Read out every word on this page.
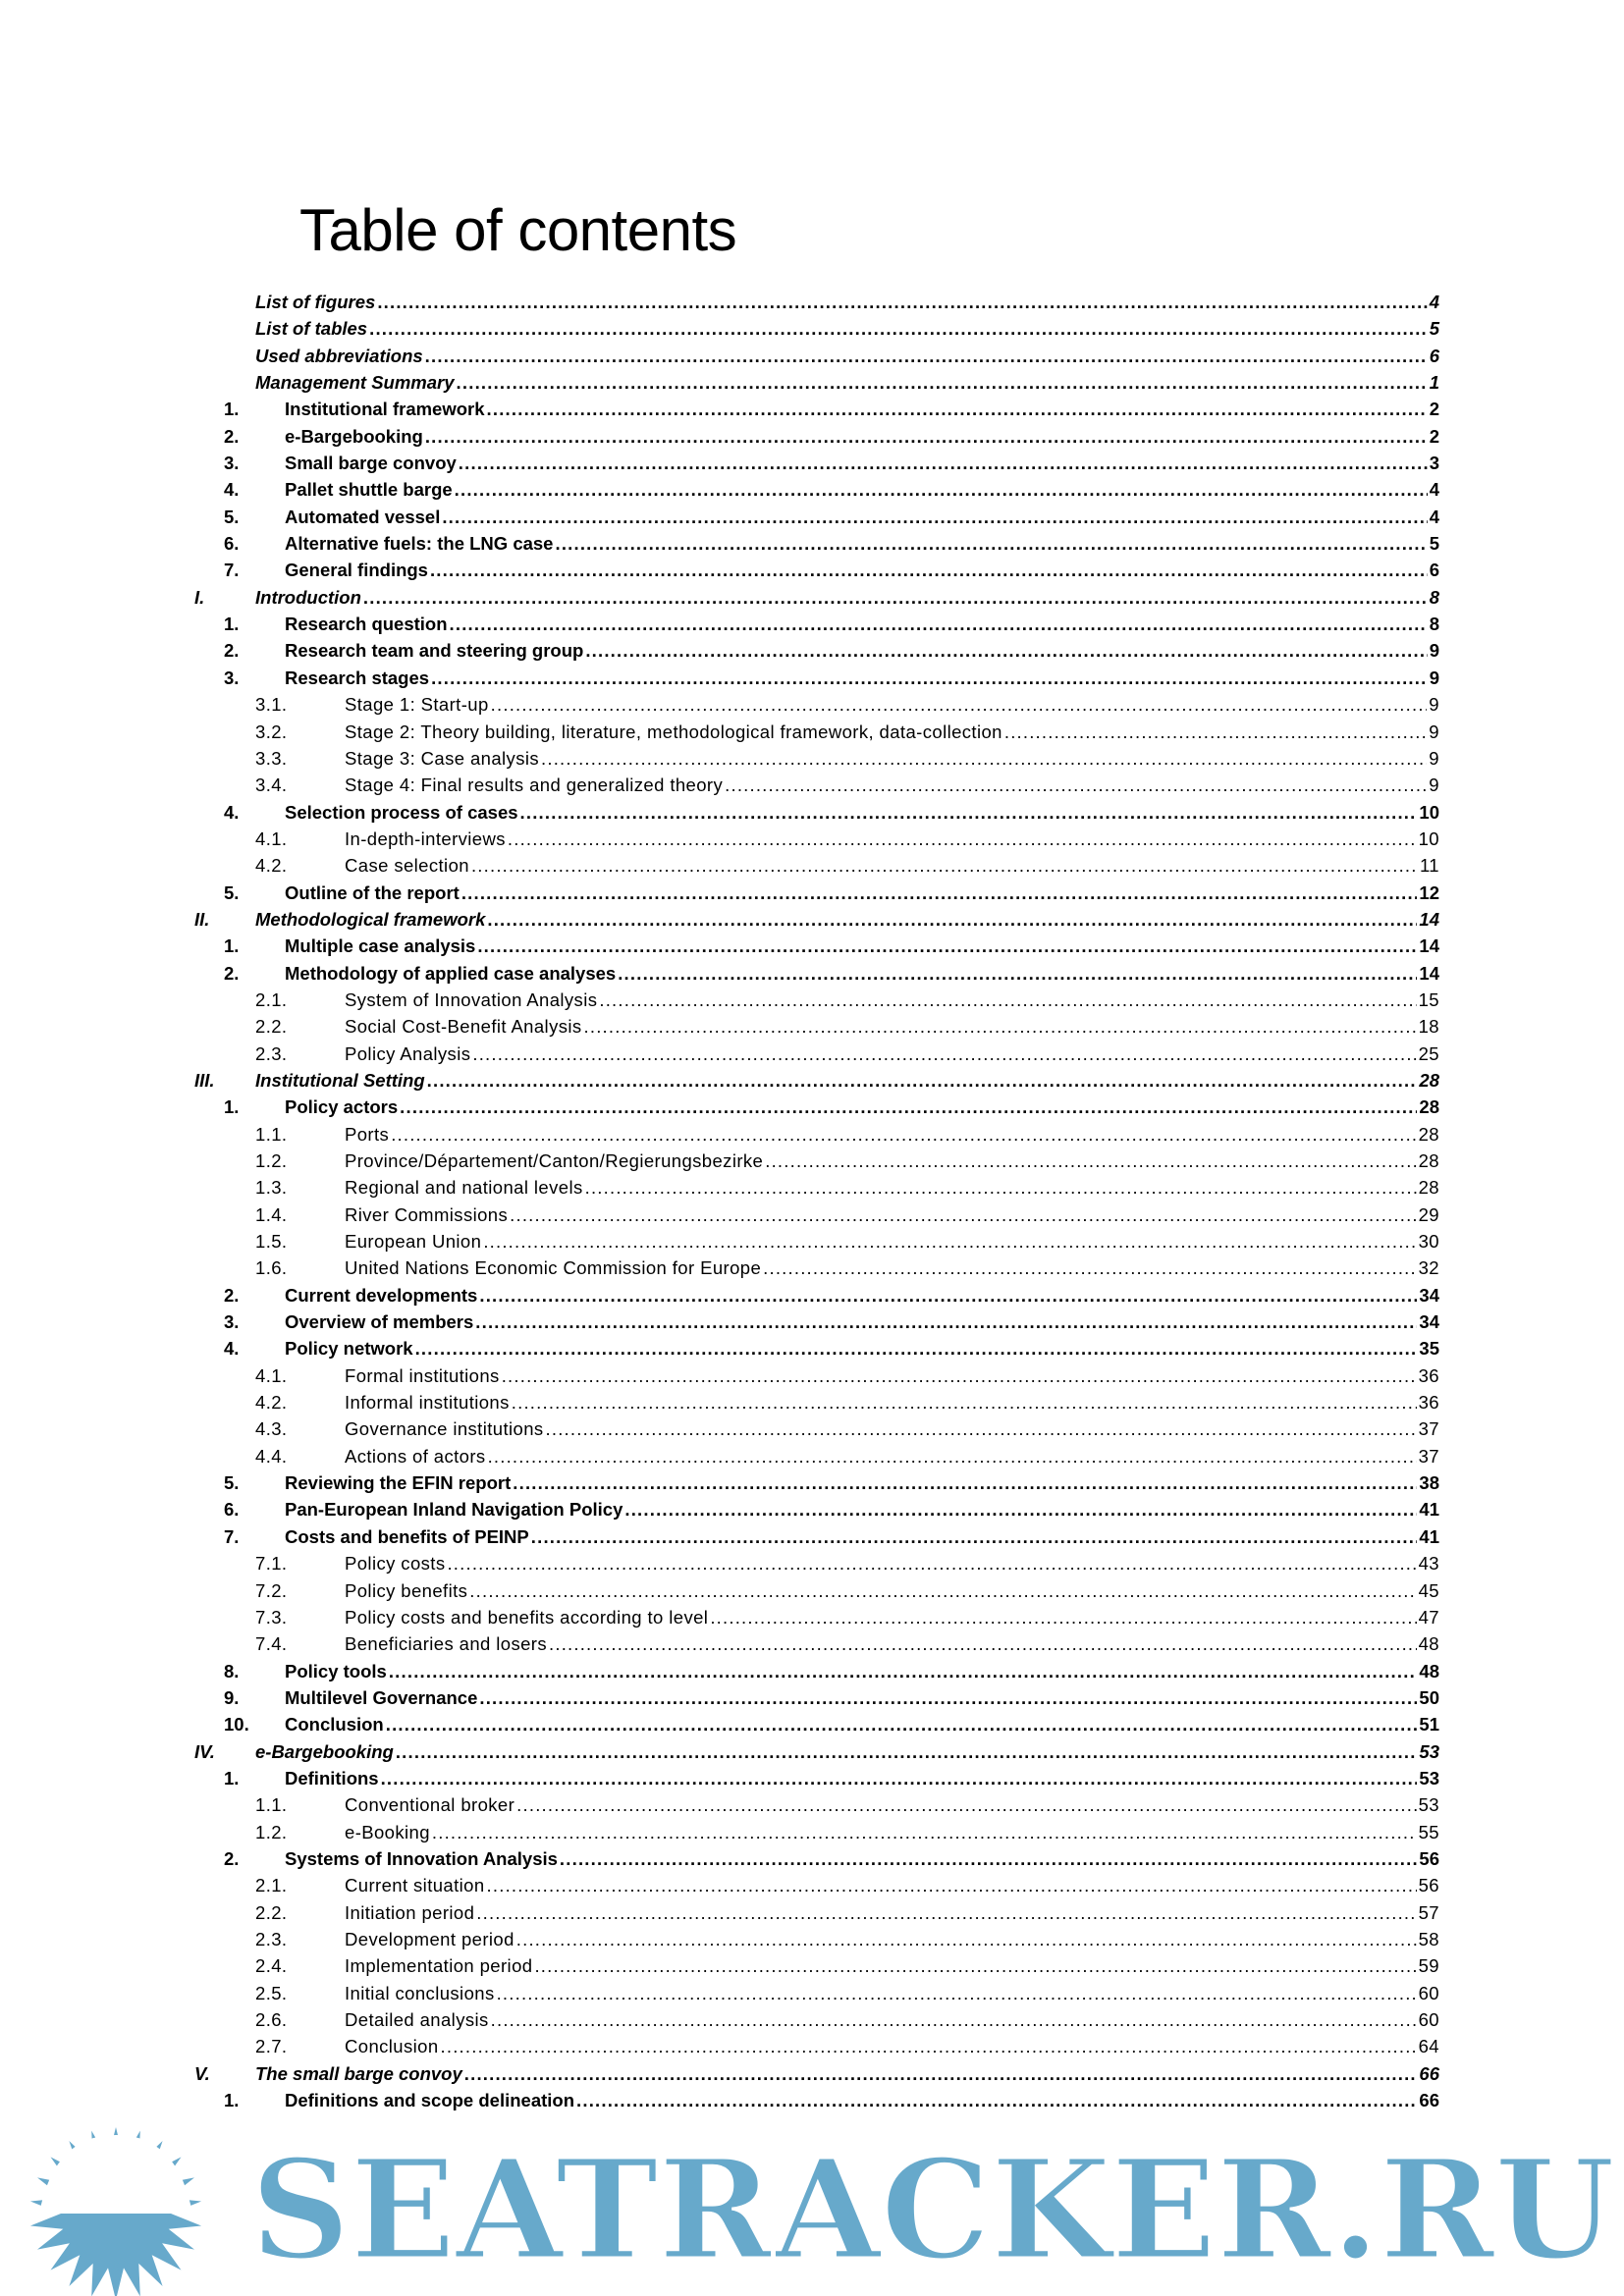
Table of contents
List of figures .....	4
List of tables .....	5
Used abbreviations .....	6
Management Summary .....	1
1.	Institutional framework .....	2
2.	e-Bargebooking .....	2
3.	Small barge convoy .....	3
4.	Pallet shuttle barge .....	4
5.	Automated vessel .....	4
6.	Alternative fuels: the LNG case .....	5
7.	General findings .....	6
I.	Introduction .....	8
1.	Research question .....	8
2.	Research team and steering group .....	9
3.	Research stages .....	9
3.1.	Stage 1: Start-up .....	9
3.2.	Stage 2: Theory building, literature, methodological framework, data-collection .....	9
3.3.	Stage 3: Case analysis .....	9
3.4.	Stage 4: Final results and generalized theory .....	9
4.	Selection process of cases .....	10
4.1.	In-depth-interviews .....	10
4.2.	Case selection .....	11
5.	Outline of the report .....	12
II.	Methodological framework .....	14
1.	Multiple case analysis .....	14
2.	Methodology of applied case analyses .....	14
2.1.	System of Innovation Analysis .....	15
2.2.	Social Cost-Benefit Analysis .....	18
2.3.	Policy Analysis .....	25
III.	Institutional Setting .....	28
1.	Policy actors .....	28
1.1.	Ports .....	28
1.2.	Province/Département/Canton/Regierungsbezirke .....	28
1.3.	Regional and national levels .....	28
1.4.	River Commissions .....	29
1.5.	European Union .....	30
1.6.	United Nations Economic Commission for Europe .....	32
2.	Current developments .....	34
3.	Overview of members .....	34
4.	Policy network .....	35
4.1.	Formal institutions .....	36
4.2.	Informal institutions .....	36
4.3.	Governance institutions .....	37
4.4.	Actions of actors .....	37
5.	Reviewing the EFIN report .....	38
6.	Pan-European Inland Navigation Policy .....	41
7.	Costs and benefits of PEINP .....	41
7.1.	Policy costs .....	43
7.2.	Policy benefits .....	45
7.3.	Policy costs and benefits according to level .....	47
7.4.	Beneficiaries and losers .....	48
8.	Policy tools .....	48
9.	Multilevel Governance .....	50
10.	Conclusion .....	51
IV.	e-Bargebooking .....	53
1.	Definitions .....	53
1.1.	Conventional broker .....	53
1.2.	e-Booking .....	55
2.	Systems of Innovation Analysis .....	56
2.1.	Current situation .....	56
2.2.	Initiation period .....	57
2.3.	Development period .....	58
2.4.	Implementation period .....	59
2.5.	Initial conclusions .....	60
2.6.	Detailed analysis .....	60
2.7.	Conclusion .....	64
V.	The small barge convoy .....	66
1.	Definitions and scope delineation .....	66
SEATRACKER.RU
